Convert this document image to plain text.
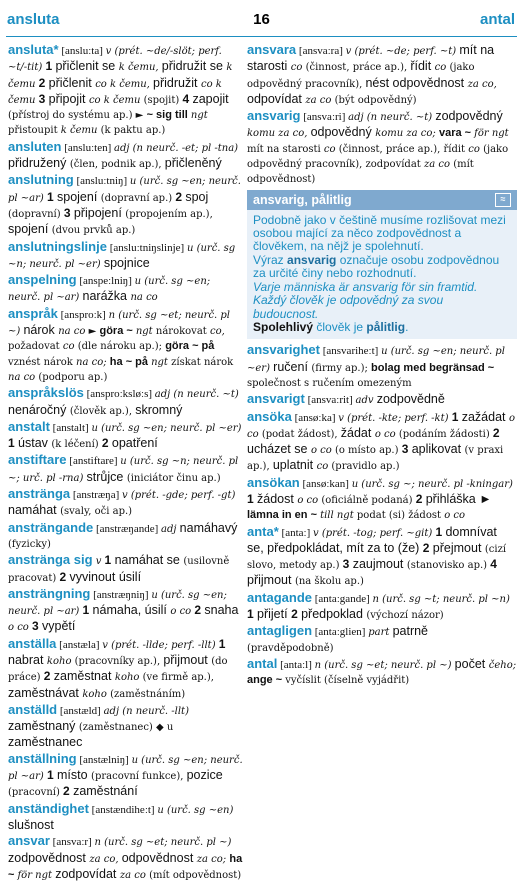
ansluta	16	antal
ansluta* [ansluːta] v (prét. ~de/-slöt; perf. ~t/-tit) 1 přičlenit se k čemu, přidružit se k čemu 2 přičlenit co k čemu, přidružit co k čemu 3 připojit co k čemu (spojit) 4 zapojit (přístroj do systému ap.) ► ~ sig till ngt přistoupit k čemu (k paktu ap.)
ansluten [ansluːten] adj (n neurč. -et; pl -tna) přidružený (člen, podnik ap.), přičleněný
anslutning [ansluːtniŋ] u (urč. sg ~en; neurč. pl ~ar) 1 spojení (dopravní ap.) 2 spoj (dopravní) 3 připojení (propojením ap.), spojení (dvou prvků ap.)
anslutningslinje [ansluːtniŋslinje] u (urč. sg ~n; neurč. pl ~er) spojnice
anspelning [anspeːlniŋ] u (urč. sg ~en; neurč. pl ~ar) narážka na co
anspråk [ansproːk] n (urč. sg ~et; neurč. pl ~) nárok na co ► göra ~ ngt nárokovat co, požadovat co (dle nároku ap.); göra ~ på vznést nárok na co; ha ~ på ngt získat nárok na co (podporu ap.)
anspråkslös [ansproːksløːs] adj (n neurč. ~t) nenáročný (člověk ap.), skromný
anstalt [anstalt] u (urč. sg ~en; neurč. pl ~er) 1 ústav (k léčení) 2 opatření
anstiftare [anstiftare] u (urč. sg ~n; neurč. pl ~; urč. pl -rna) strůjce (iniciátor činu ap.)
anstränga [anstræŋa] v (prét. -gde; perf. -gt) namáhat (svaly, oči ap.)
ansträngande [anstræŋande] adj namáhavý (fyzicky)
anstränga sig v 1 namáhat se (usilovně pracovat) 2 vyvinout úsilí
ansträngning [anstræŋniŋ] u (urč. sg ~en; neurč. pl ~ar) 1 námaha, úsilí o co 2 snaha o co 3 vypětí
anställa [anstæla] v (prét. -llde; perf. -llt) 1 nabrat koho (pracovníky ap.), přijmout (do práce) 2 zaměstnat koho (ve firmě ap.), zaměstnávat koho (zaměstnáním)
anställd [anstæld] adj (n neurč. -llt) zaměstnaný (zaměstnanec) ◆ u zaměstnanec
anställning [anstælniŋ] u (urč. sg ~en; neurč. pl ~ar) 1 místo (pracovní funkce), pozice (pracovní) 2 zaměstnání
anständighet [anstændiheːt] u (urč. sg ~en) slušnost
ansvar [ansvaːr] n (urč. sg ~et; neurč. pl ~) zodpovědnost za co, odpovědnost za co; ha ~ för ngt zodpovídat za co (mít odpovědnost)
ansvara [ansvaːra] v (prét. ~de; perf. ~t) mít na starosti co (činnost, práce ap.), řídit co (jako odpovědný pracovník), nést odpovědnost za co, odpovídat za co (být odpovědný)
ansvarig [ansvaːri] adj (n neurč. ~t) zodpovědný komu za co, odpovědný komu za co; vara ~ för ngt mít na starosti co (činnost, práce ap.), řídit co (jako odpovědný pracovník), zodpovídat za co (mít odpovědnost)
ansvarig, pålitlig	≈
Podobně jako v češtině musíme rozlišovat mezi osobou mající za něco zodpovědnost a člověkem, na nějž je spolehnutí.
Výraz ansvarig označuje osobu zodpovědnou za určité činy nebo rozhodnutí.
Varje människa är ansvarig för sin framtid. Každý člověk je odpovědný za svou budoucnost.
Spolehlivý člověk je pålitlig.
ansvarighet [ansvariheːt] u (urč. sg ~en; neurč. pl ~er) ručení (firmy ap.); bolag med begränsad ~ společnost s ručením omezeným
ansvarigt [ansvaːrit] adv zodpovědně
ansöka [ansøːka] v (prét. -kte; perf. -kt) 1 zažádat o co (podat žádost), žádat o co (podáním žádosti) 2 ucházet se o co (o místo ap.) 3 aplikovat (v praxi ap.), uplatnit co (pravidlo ap.)
ansökan [ansøːkan] u (urč. sg ~; neurč. pl -kningar) 1 žádost o co (oficiálně podaná) 2 přihláška ► lämna in en ~ till ngt podat (si) žádost o co
anta* [antaː] v (prét. -tog; perf. ~git) 1 domnívat se, předpokládat, mít za to (že) 2 přejmout (cizí slovo, metody ap.) 3 zaujmout (stanovisko ap.) 4 přijmout (na školu ap.)
antagande [antaːgande] n (urč. sg ~t; neurč. pl ~n) 1 přijetí 2 předpoklad (výchozí názor)
antagligen [antaːglien] part patrně (pravděpodobně)
antal [antaːl] n (urč. sg ~et; neurč. pl ~) počet čeho; ange ~ vyčíslit (číselně vyjádřit)
